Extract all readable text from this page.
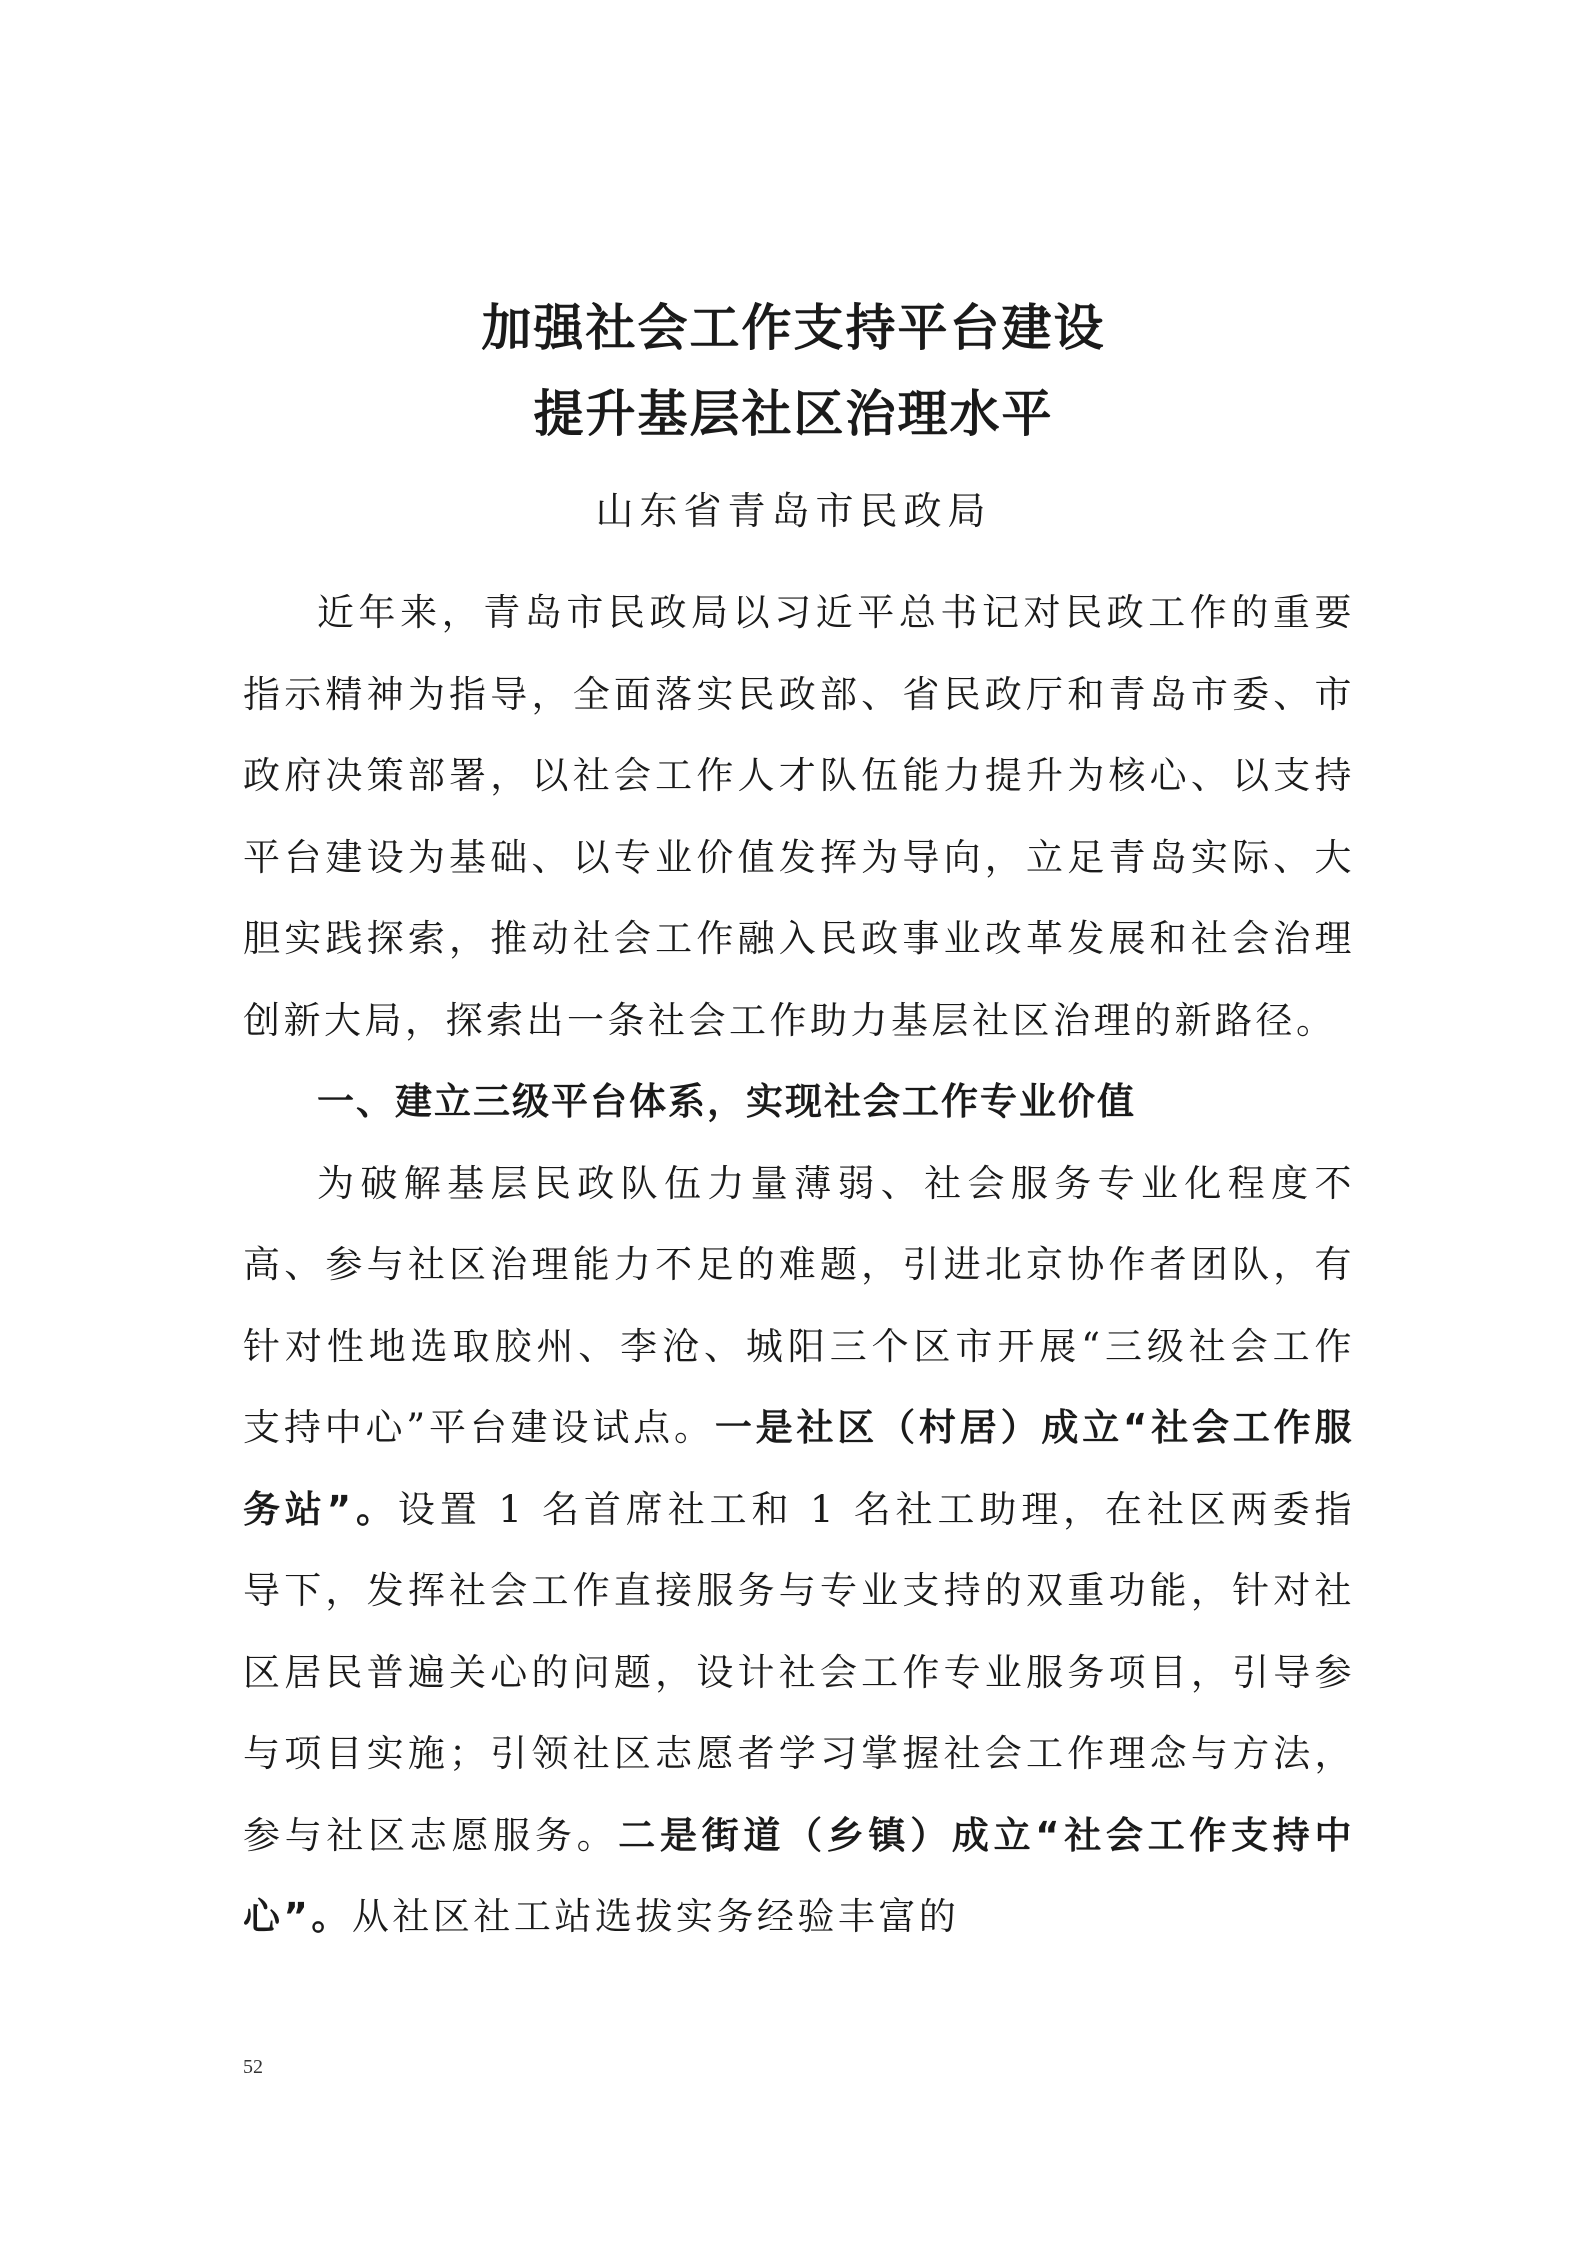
加强社会工作支持平台建设
提升基层社区治理水平
山东省青岛市民政局

近年来，青岛市民政局以习近平总书记对民政工作的重要指示精神为指导，全面落实民政部、省民政厅和青岛市委、市政府决策部署，以社会工作人才队伍能力提升为核心、以支持平台建设为基础、以专业价值发挥为导向，立足青岛实际、大胆实践探索，推动社会工作融入民政事业改革发展和社会治理创新大局，探索出一条社会工作助力基层社区治理的新路径。

一、建立三级平台体系，实现社会工作专业价值

为破解基层民政队伍力量薄弱、社会服务专业化程度不高、参与社区治理能力不足的难题，引进北京协作者团队，有针对性地选取胶州、李沧、城阳三个区市开展“三级社会工作支持中心”平台建设试点。一是社区（村居）成立“社会工作服务站”。设置 1 名首席社工和 1 名社工助理，在社区两委指导下，发挥社会工作直接服务与专业支持的双重功能，针对社区居民普遍关心的问题，设计社会工作专业服务项目，引导参与项目实施；引领社区志愿者学习掌握社会工作理念与方法，参与社区志愿服务。二是街道（乡镇）成立“社会工作支持中心”。从社区社工站选拔实务经验丰富的

52
